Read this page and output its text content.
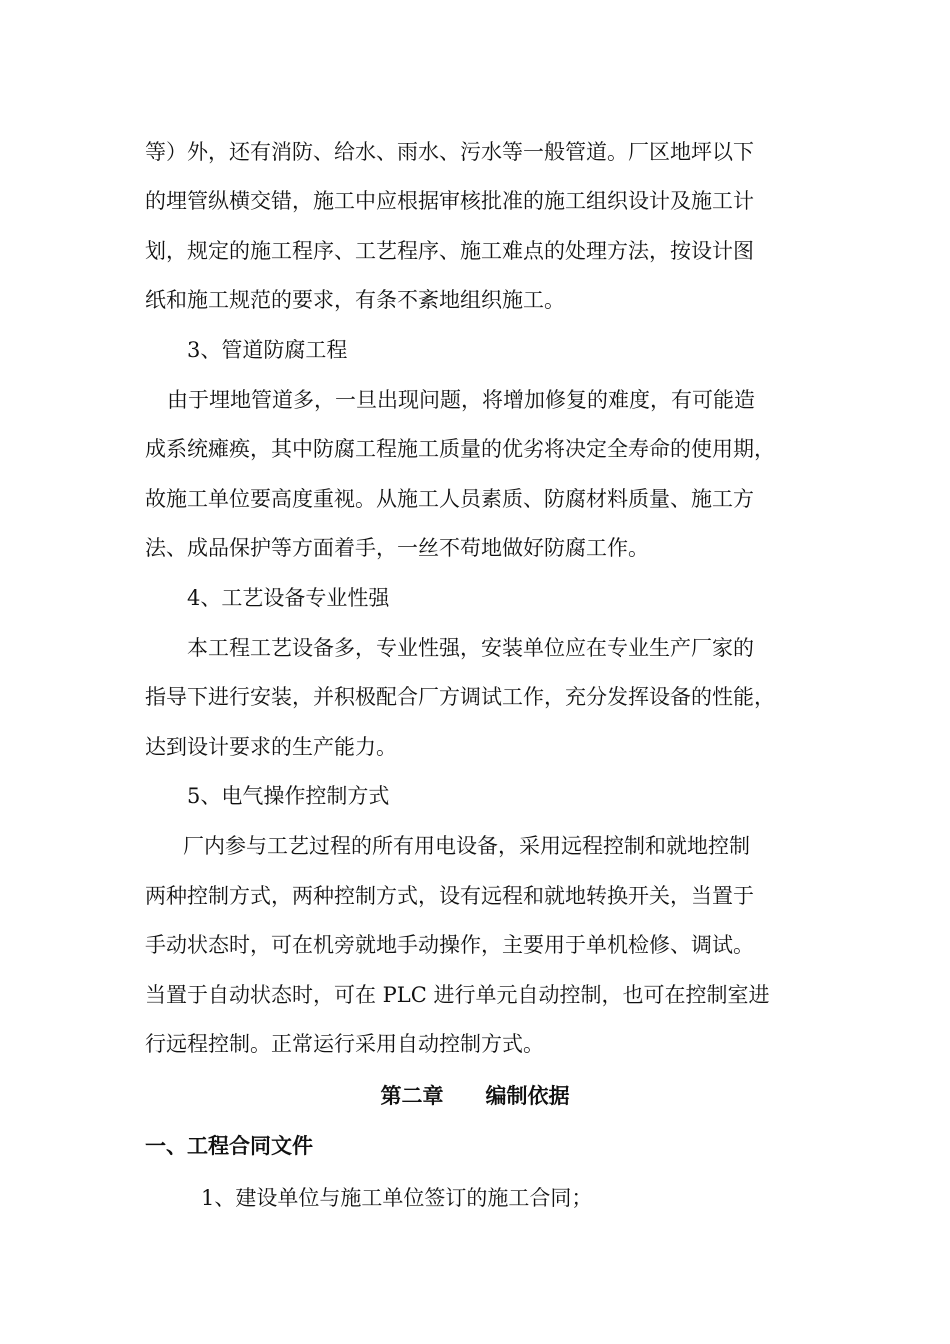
等）外，还有消防、给水、雨水、污水等一般管道。厂区地坪以下
的埋管纵横交错，施工中应根据审核批准的施工组织设计及施工计
划，规定的施工程序、工艺程序、施工难点的处理方法，按设计图
纸和施工规范的要求，有条不紊地组织施工。
3、管道防腐工程
由于埋地管道多，一旦出现问题，将增加修复的难度，有可能造
成系统瘫痪，其中防腐工程施工质量的优劣将决定全寿命的使用期，
故施工单位要高度重视。从施工人员素质、防腐材料质量、施工方
法、成品保护等方面着手，一丝不苟地做好防腐工作。
4、工艺设备专业性强
本工程工艺设备多，专业性强，安装单位应在专业生产厂家的
指导下进行安装，并积极配合厂方调试工作，充分发挥设备的性能，
达到设计要求的生产能力。
5、电气操作控制方式
厂内参与工艺过程的所有用电设备，采用远程控制和就地控制
两种控制方式，两种控制方式，设有远程和就地转换开关，当置于
手动状态时，可在机旁就地手动操作，主要用于单机检修、调试。
当置于自动状态时，可在 PLC 进行单元自动控制，也可在控制室进
行远程控制。正常运行采用自动控制方式。
第二章　　编制依据
一、工程合同文件
1、建设单位与施工单位签订的施工合同；
